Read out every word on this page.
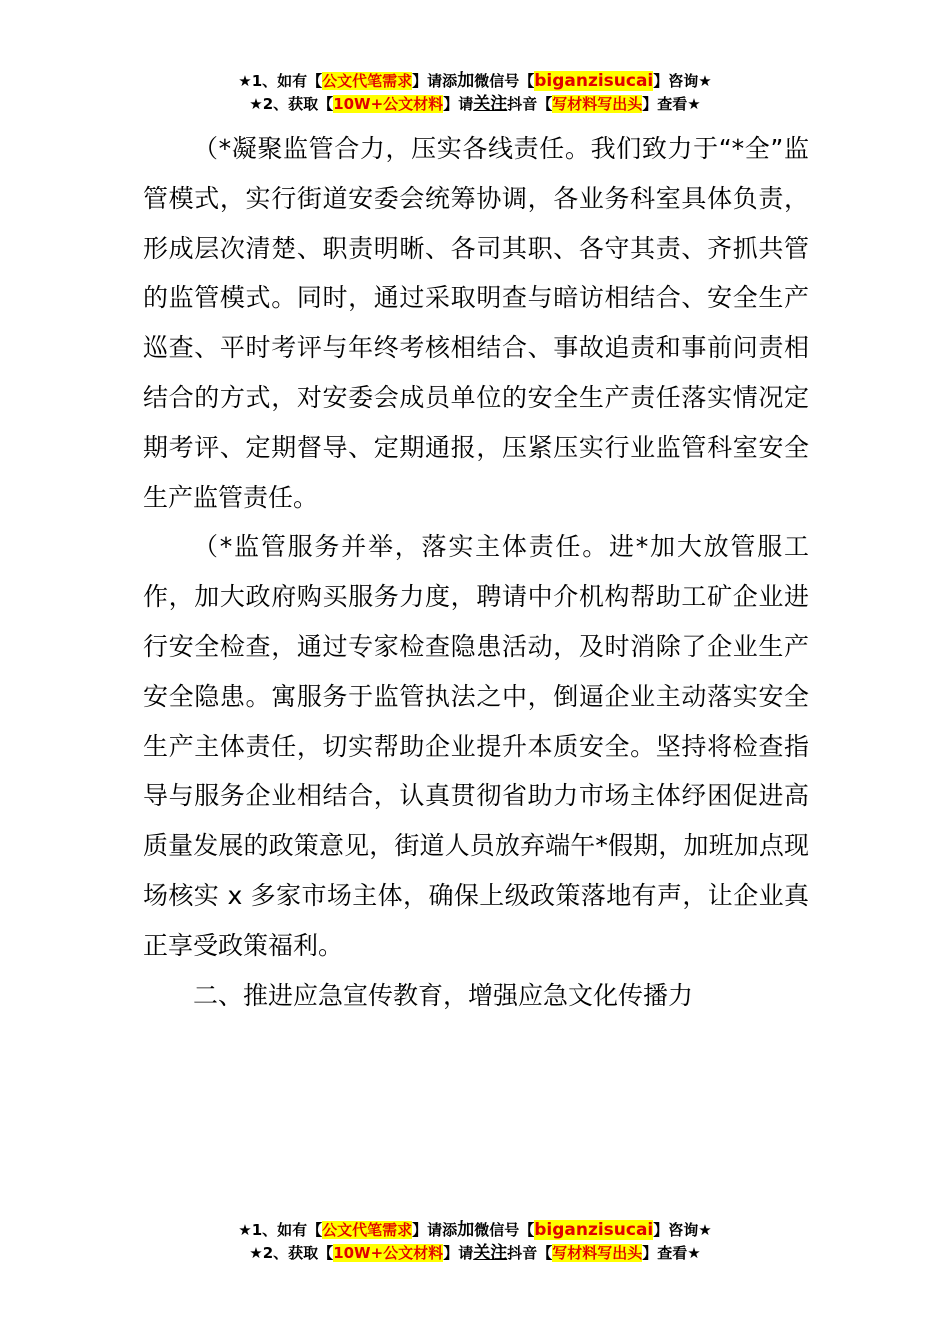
★1、如有【公文代笔需求】请添加微信号【biganzisucai】咨询★
★2、获取【10W+公文材料】请关注抖音【写材料写出头】查看★

（*凝聚监管合力，压实各线责任。我们致力于“*全”监管模式，实行街道安委会统筹协调，各业务科室具体负责，形成层次清楚、职责明晰、各司其职、各守其责、齐抓共管的监管模式。同时，通过采取明查与暗访相结合、安全生产巡查、平时考评与年终考核相结合、事故追责和事前问责相结合的方式，对安委会成员单位的安全生产责任落实情况定期考评、定期督导、定期通报，压紧压实行业监管科室安全生产监管责任。

（*监管服务并举，落实主体责任。进*加大放管服工作，加大政府购买服务力度，聘请中介机构帮助工矿企业进行安全检查，通过专家检查隐患活动，及时消除了企业生产安全隐患。寓服务于监管执法之中，倒逼企业主动落实安全生产主体责任，切实帮助企业提升本质安全。坚持将检查指导与服务企业相结合，认真贯彻省助力市场主体纾困促进高质量发展的政策意见，街道人员放弃端午*假期，加班加点现场核实 x 多家市场主体，确保上级政策落地有声，让企业真正享受政策福利。

二、推进应急宣传教育，增强应急文化传播力

★1、如有【公文代笔需求】请添加微信号【biganzisucai】咨询★
★2、获取【10W+公文材料】请关注抖音【写材料写出头】查看★
